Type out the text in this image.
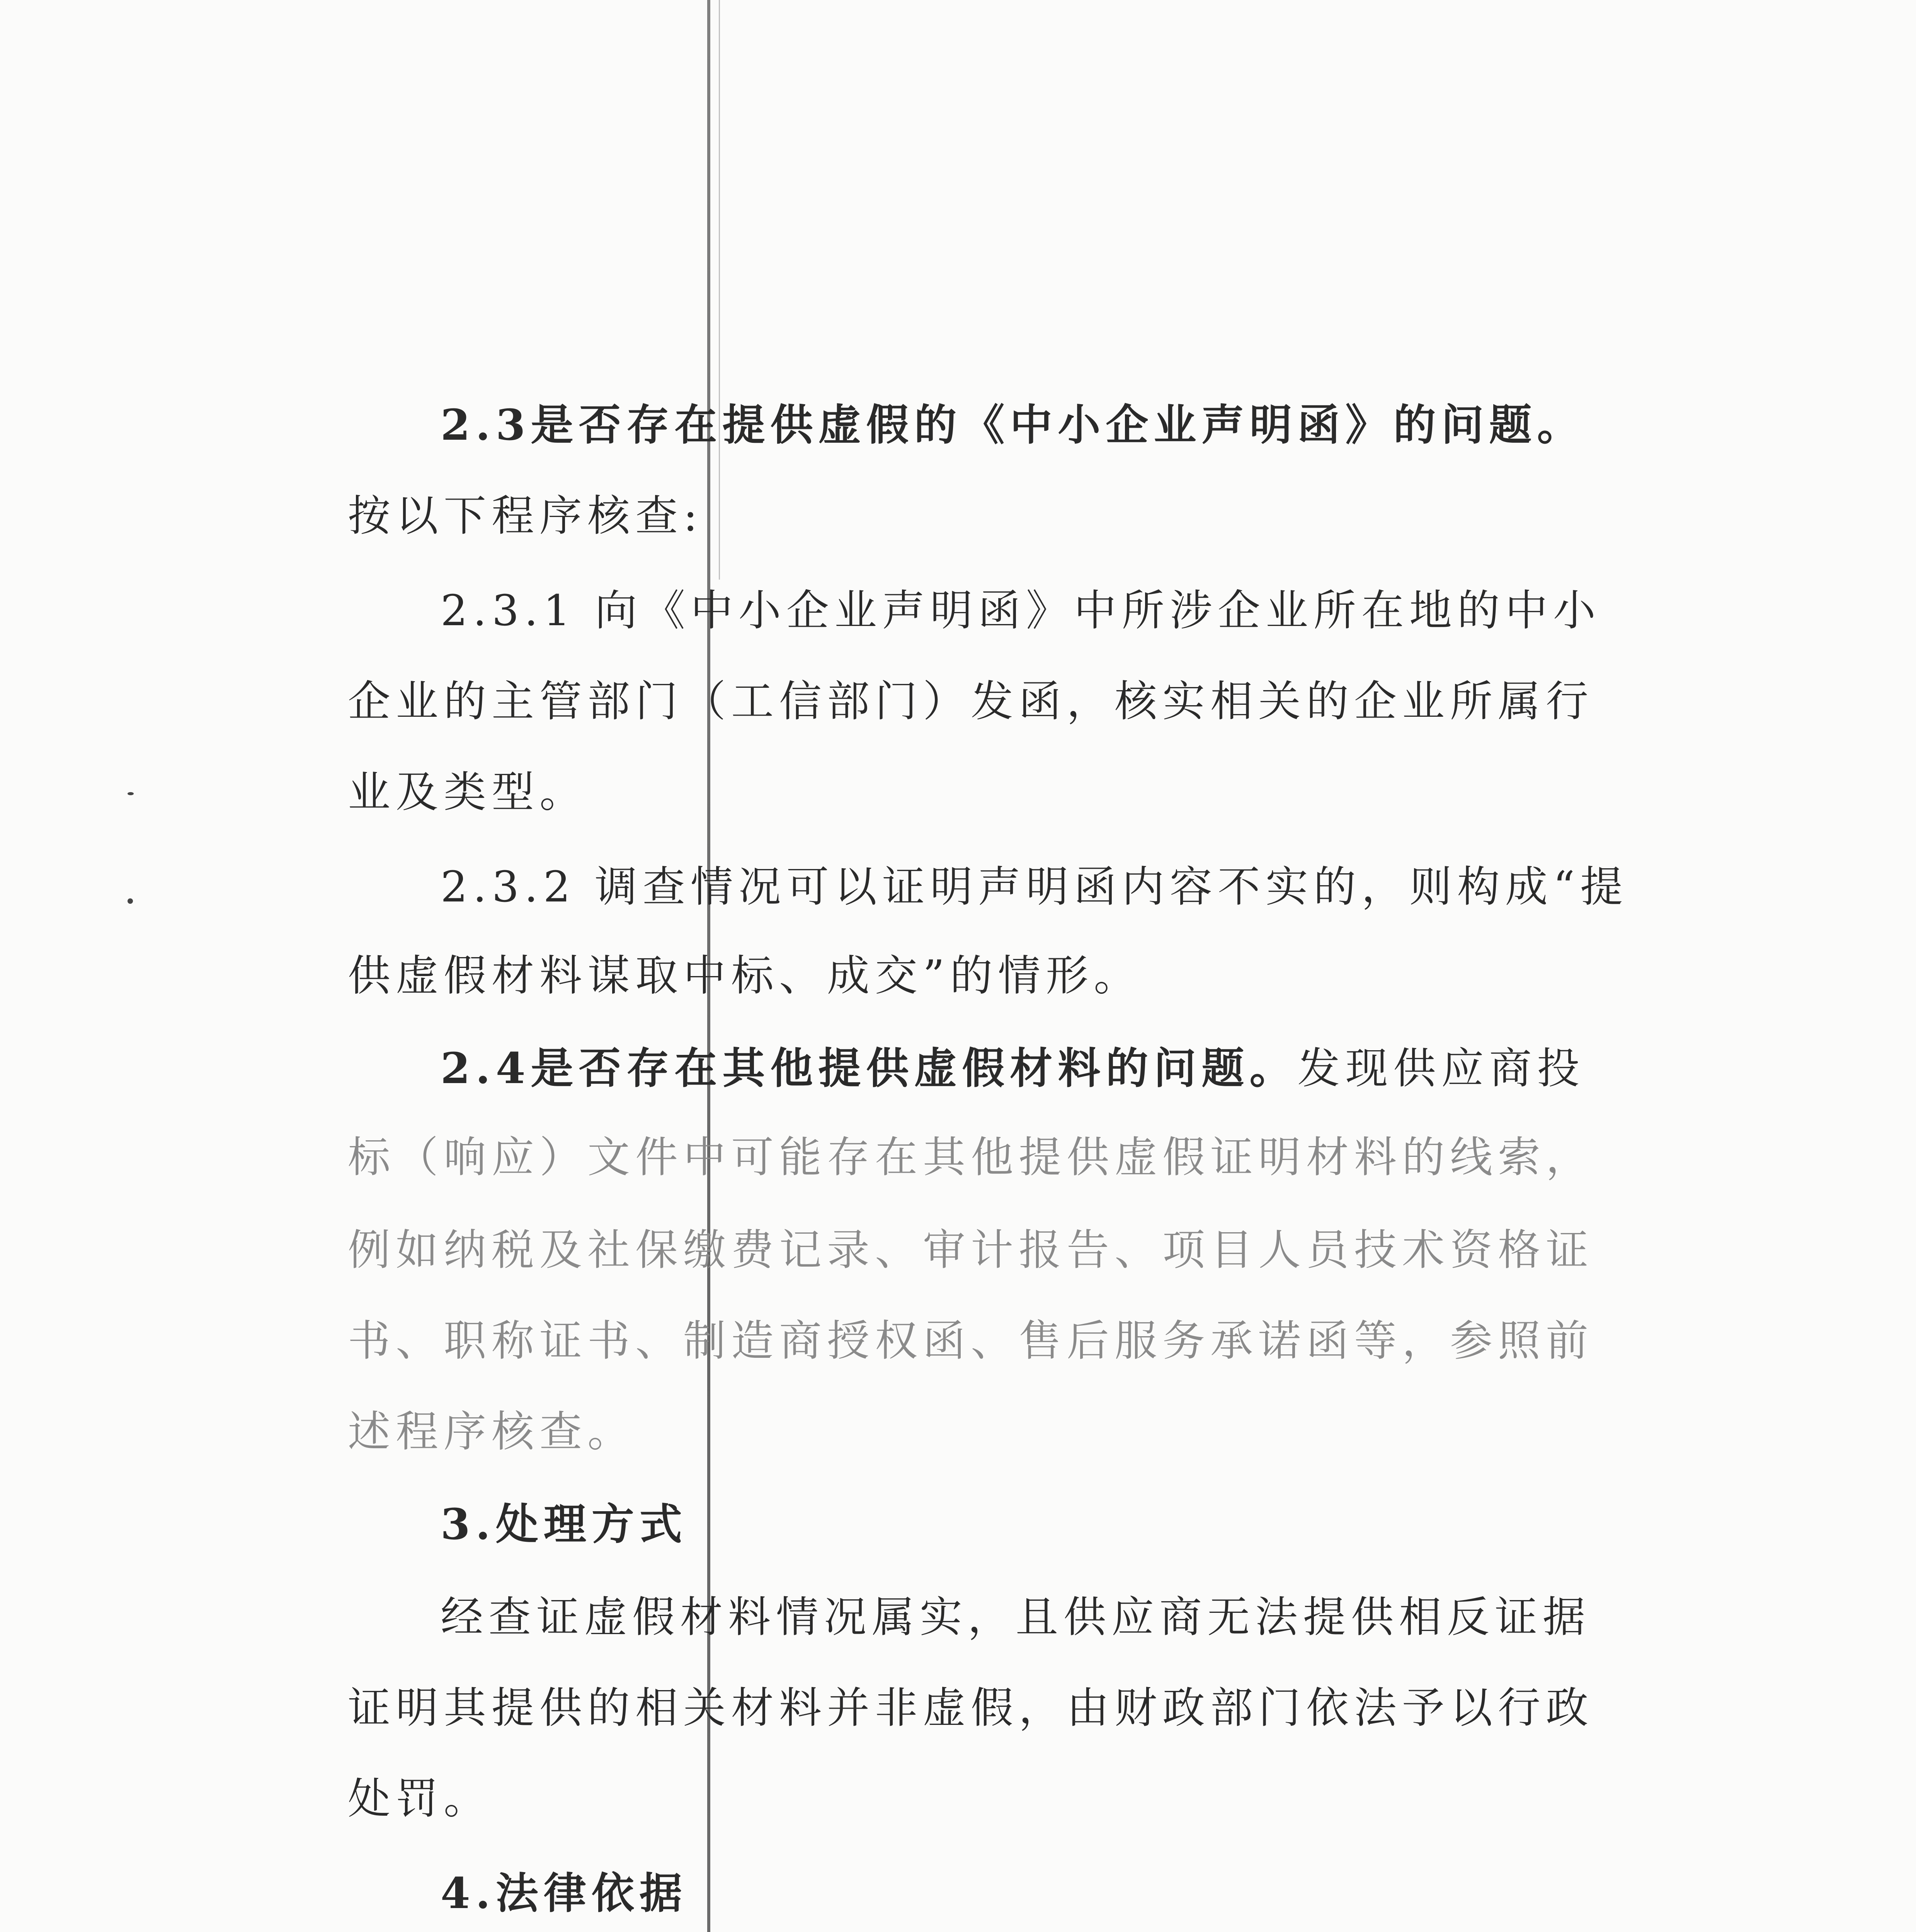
2.3是否存在提供虚假的《中小企业声明函》的问题。
按以下程序核查:
2.3.1 向《中小企业声明函》中所涉企业所在地的中小
企业的主管部门（工信部门）发函，核实相关的企业所属行
业及类型。
2.3.2 调查情况可以证明声明函内容不实的，则构成“提
供虚假材料谋取中标、成交”的情形。
2.4是否存在其他提供虚假材料的问题。发现供应商投
标（响应）文件中可能存在其他提供虚假证明材料的线索，
例如纳税及社保缴费记录、审计报告、项目人员技术资格证
书、职称证书、制造商授权函、售后服务承诺函等，参照前
述程序核查。
3.处理方式
经查证虚假材料情况属实，且供应商无法提供相反证据
证明其提供的相关材料并非虚假，由财政部门依法予以行政
处罚。
4.法律依据
